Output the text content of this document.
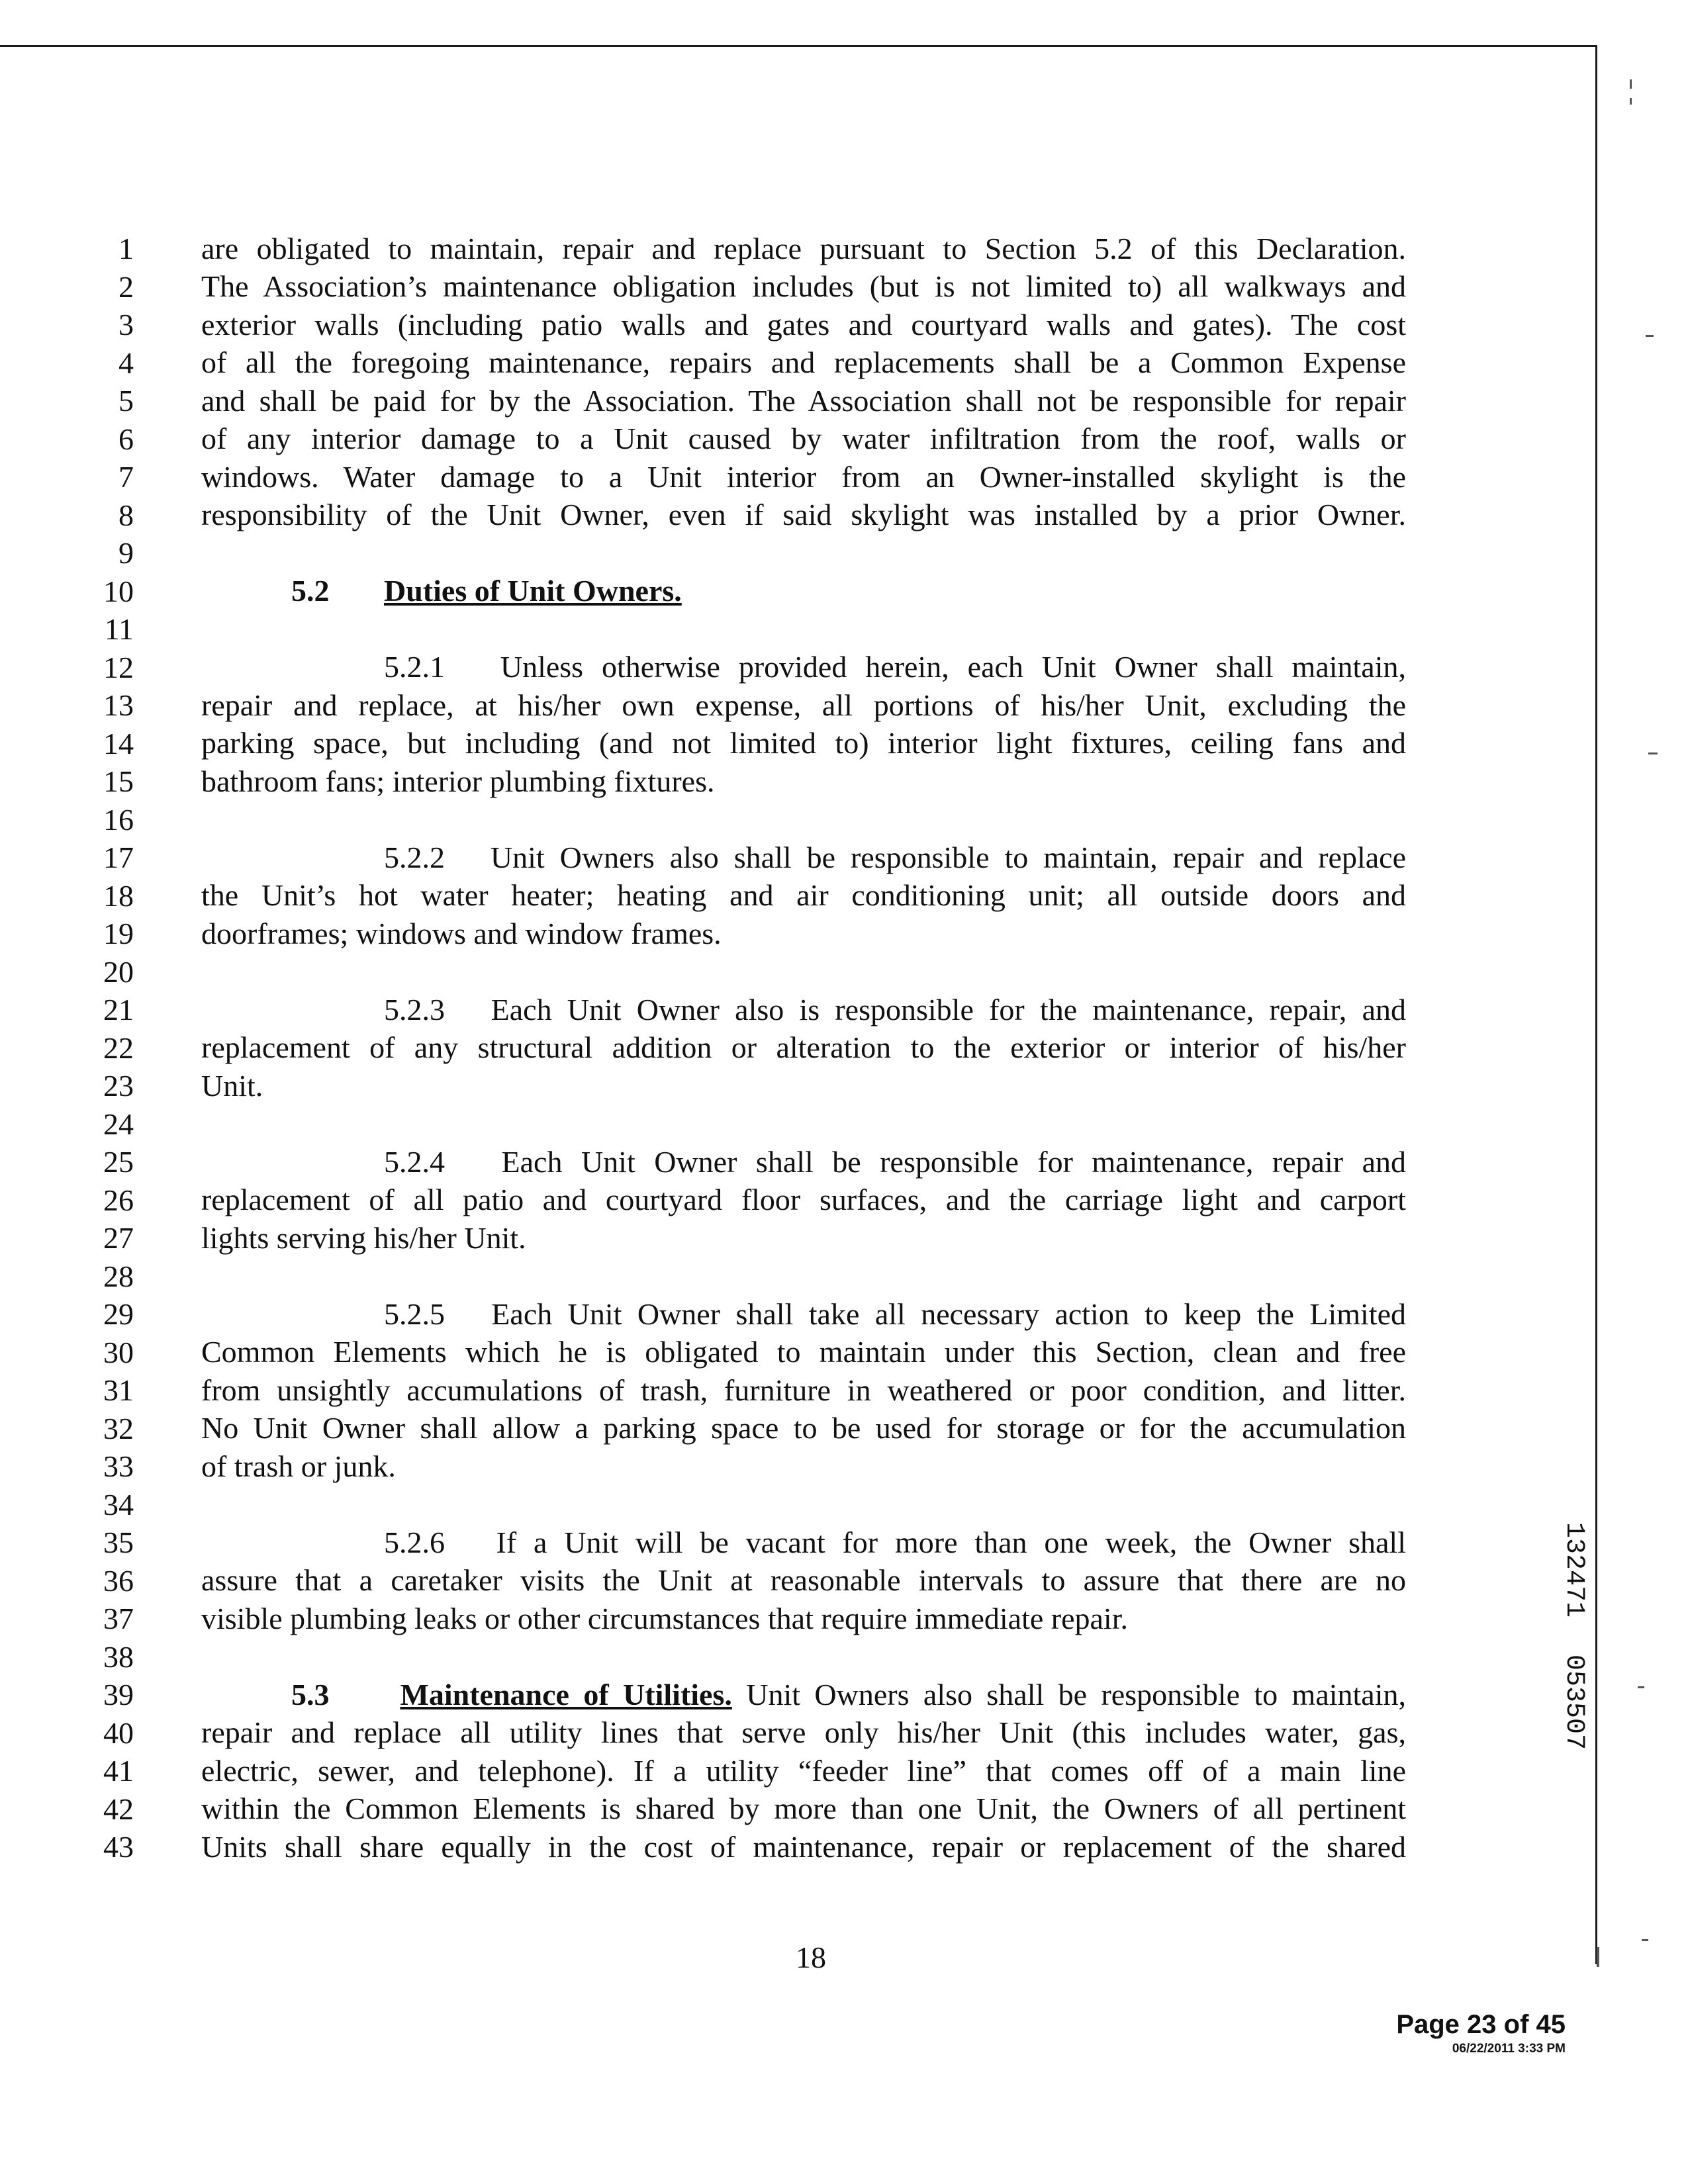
1
2
3
4
5
6
7
8
9
10
11
12
13
14
15
16
17
18
19
20
21
22
23
24
25
26
27
28
29
30
31
32
33
34
35
36
37
38
39
40
41
42
43
are obligated to maintain, repair and replace pursuant to Section 5.2 of this Declaration.
The Association’s maintenance obligation includes (but is not limited to) all walkways and
exterior walls (including patio walls and gates and courtyard walls and gates). The cost
of all the foregoing maintenance, repairs and replacements shall be a Common Expense
and shall be paid for by the Association. The Association shall not be responsible for repair
of any interior damage to a Unit caused by water infiltration from the roof, walls or
windows. Water damage to a Unit interior from an Owner-installed skylight is the
responsibility of the Unit Owner, even if said skylight was installed by a prior Owner.
5.2 Duties of Unit Owners.
5.2.1 Unless otherwise provided herein, each Unit Owner shall maintain,
repair and replace, at his/her own expense, all portions of his/her Unit, excluding the
parking space, but including (and not limited to) interior light fixtures, ceiling fans and
bathroom fans; interior plumbing fixtures.
5.2.2 Unit Owners also shall be responsible to maintain, repair and replace
the Unit’s hot water heater; heating and air conditioning unit; all outside doors and
doorframes; windows and window frames.
5.2.3 Each Unit Owner also is responsible for the maintenance, repair, and
replacement of any structural addition or alteration to the exterior or interior of his/her
Unit.
5.2.4 Each Unit Owner shall be responsible for maintenance, repair and
replacement of all patio and courtyard floor surfaces, and the carriage light and carport
lights serving his/her Unit.
5.2.5 Each Unit Owner shall take all necessary action to keep the Limited
Common Elements which he is obligated to maintain under this Section, clean and free
from unsightly accumulations of trash, furniture in weathered or poor condition, and litter.
No Unit Owner shall allow a parking space to be used for storage or for the accumulation
of trash or junk.
5.2.6 If a Unit will be vacant for more than one week, the Owner shall
assure that a caretaker visits the Unit at reasonable intervals to assure that there are no
visible plumbing leaks or other circumstances that require immediate repair.
5.3 Maintenance of Utilities. Unit Owners also shall be responsible to maintain,
repair and replace all utility lines that serve only his/her Unit (this includes water, gas,
electric, sewer, and telephone). If a utility “feeder line” that comes off of a main line
within the Common Elements is shared by more than one Unit, the Owners of all pertinent
Units shall share equally in the cost of maintenance, repair or replacement of the shared
132471
053507
18
Page 23 of 45
06/22/2011 3:33 PM
